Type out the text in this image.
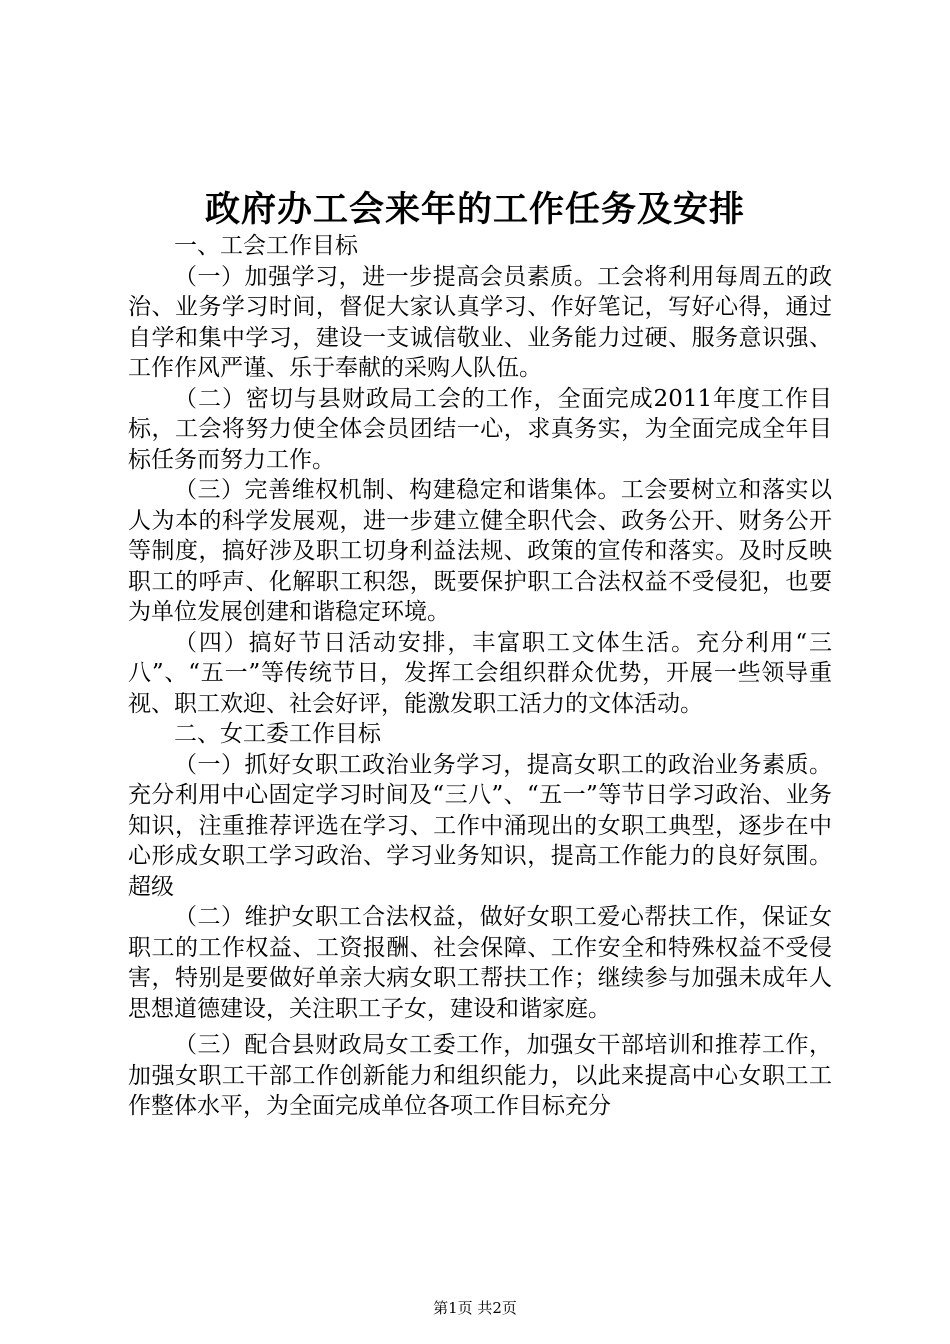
政府办工会来年的工作任务及安排

一、工会工作目标

（一）加强学习，进一步提高会员素质。工会将利用每周五的政治、业务学习时间，督促大家认真学习、作好笔记，写好心得，通过自学和集中学习，建设一支诚信敬业、业务能力过硬、服务意识强、工作作风严谨、乐于奉献的采购人队伍。

（二）密切与县财政局工会的工作，全面完成2011年度工作目标，工会将努力使全体会员团结一心，求真务实，为全面完成全年目标任务而努力工作。

（三）完善维权机制、构建稳定和谐集体。工会要树立和落实以人为本的科学发展观，进一步建立健全职代会、政务公开、财务公开等制度，搞好涉及职工切身利益法规、政策的宣传和落实。及时反映职工的呼声、化解职工积怨，既要保护职工合法权益不受侵犯，也要为单位发展创建和谐稳定环境。

（四）搞好节日活动安排，丰富职工文体生活。充分利用“三八”、“五一”等传统节日，发挥工会组织群众优势，开展一些领导重视、职工欢迎、社会好评，能激发职工活力的文体活动。

二、女工委工作目标

（一）抓好女职工政治业务学习，提高女职工的政治业务素质。充分利用中心固定学习时间及“三八”、“五一”等节日学习政治、业务知识，注重推荐评选在学习、工作中涌现出的女职工典型，逐步在中心形成女职工学习政治、学习业务知识，提高工作能力的良好氛围。超级

（二）维护女职工合法权益，做好女职工爱心帮扶工作，保证女职工的工作权益、工资报酬、社会保障、工作安全和特殊权益不受侵害，特别是要做好单亲大病女职工帮扶工作；继续参与加强未成年人思想道德建设，关注职工子女，建设和谐家庭。

（三）配合县财政局女工委工作，加强女干部培训和推荐工作，加强女职工干部工作创新能力和组织能力，以此来提高中心女职工工作整体水平，为全面完成单位各项工作目标充分

第1页 共2页
